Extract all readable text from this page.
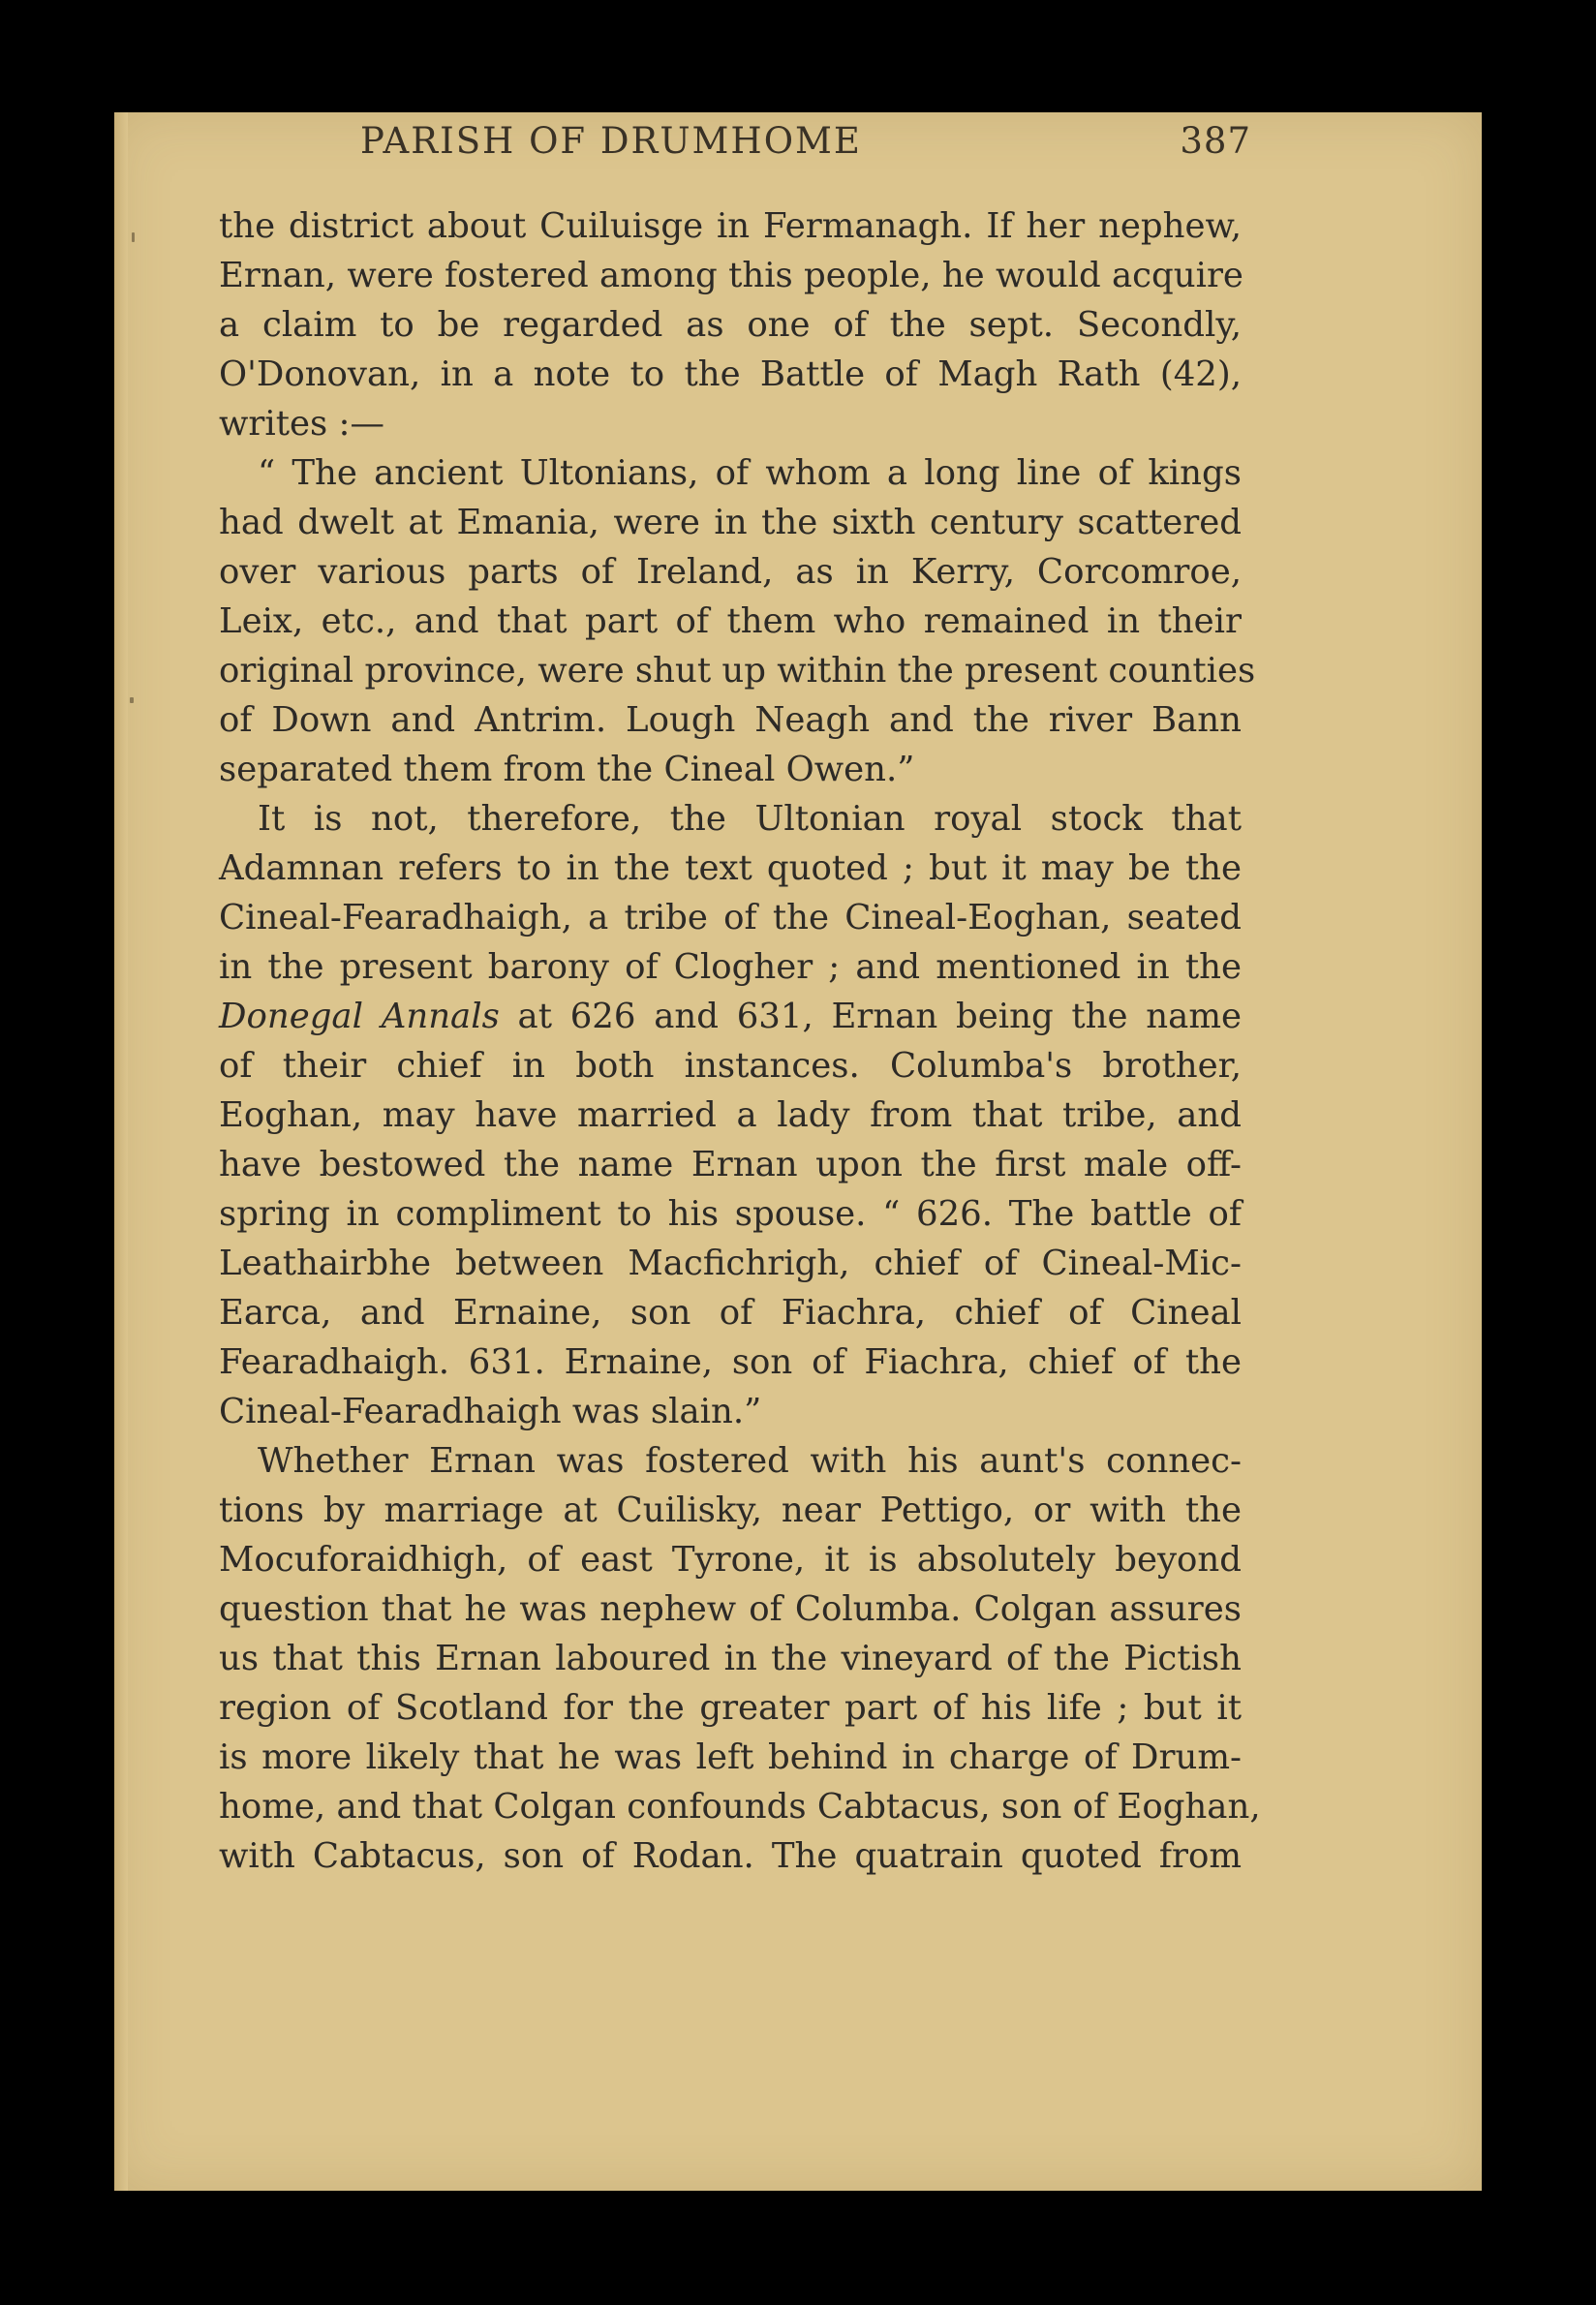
PARISH OF DRUMHOME	387
the district about Cuiluisge in Fermanagh. If her nephew,
Ernan, were fostered among this people, he would acquire
a claim to be regarded as one of the sept. Secondly,
O'Donovan, in a note to the Battle of Magh Rath (42),
writes :—
“ The ancient Ultonians, of whom a long line of kings
had dwelt at Emania, were in the sixth century scattered
over various parts of Ireland, as in Kerry, Corcomroe,
Leix, etc., and that part of them who remained in their
original province, were shut up within the present counties
of Down and Antrim. Lough Neagh and the river Bann
separated them from the Cineal Owen.”
It is not, therefore, the Ultonian royal stock that
Adamnan refers to in the text quoted ; but it may be the
Cineal-Fearadhaigh, a tribe of the Cineal-Eoghan, seated
in the present barony of Clogher ; and mentioned in the
Donegal Annals at 626 and 631, Ernan being the name
of their chief in both instances. Columba's brother,
Eoghan, may have married a lady from that tribe, and
have bestowed the name Ernan upon the first male off-
spring in compliment to his spouse. “ 626. The battle of
Leathairbhe between Macfichrigh, chief of Cineal-Mic-
Earca, and Ernaine, son of Fiachra, chief of Cineal
Fearadhaigh. 631. Ernaine, son of Fiachra, chief of the
Cineal-Fearadhaigh was slain.”
Whether Ernan was fostered with his aunt's connec-
tions by marriage at Cuilisky, near Pettigo, or with the
Mocuforaidhigh, of east Tyrone, it is absolutely beyond
question that he was nephew of Columba. Colgan assures
us that this Ernan laboured in the vineyard of the Pictish
region of Scotland for the greater part of his life ; but it
is more likely that he was left behind in charge of Drum-
home, and that Colgan confounds Cabtacus, son of Eoghan,
with Cabtacus, son of Rodan. The quatrain quoted from
